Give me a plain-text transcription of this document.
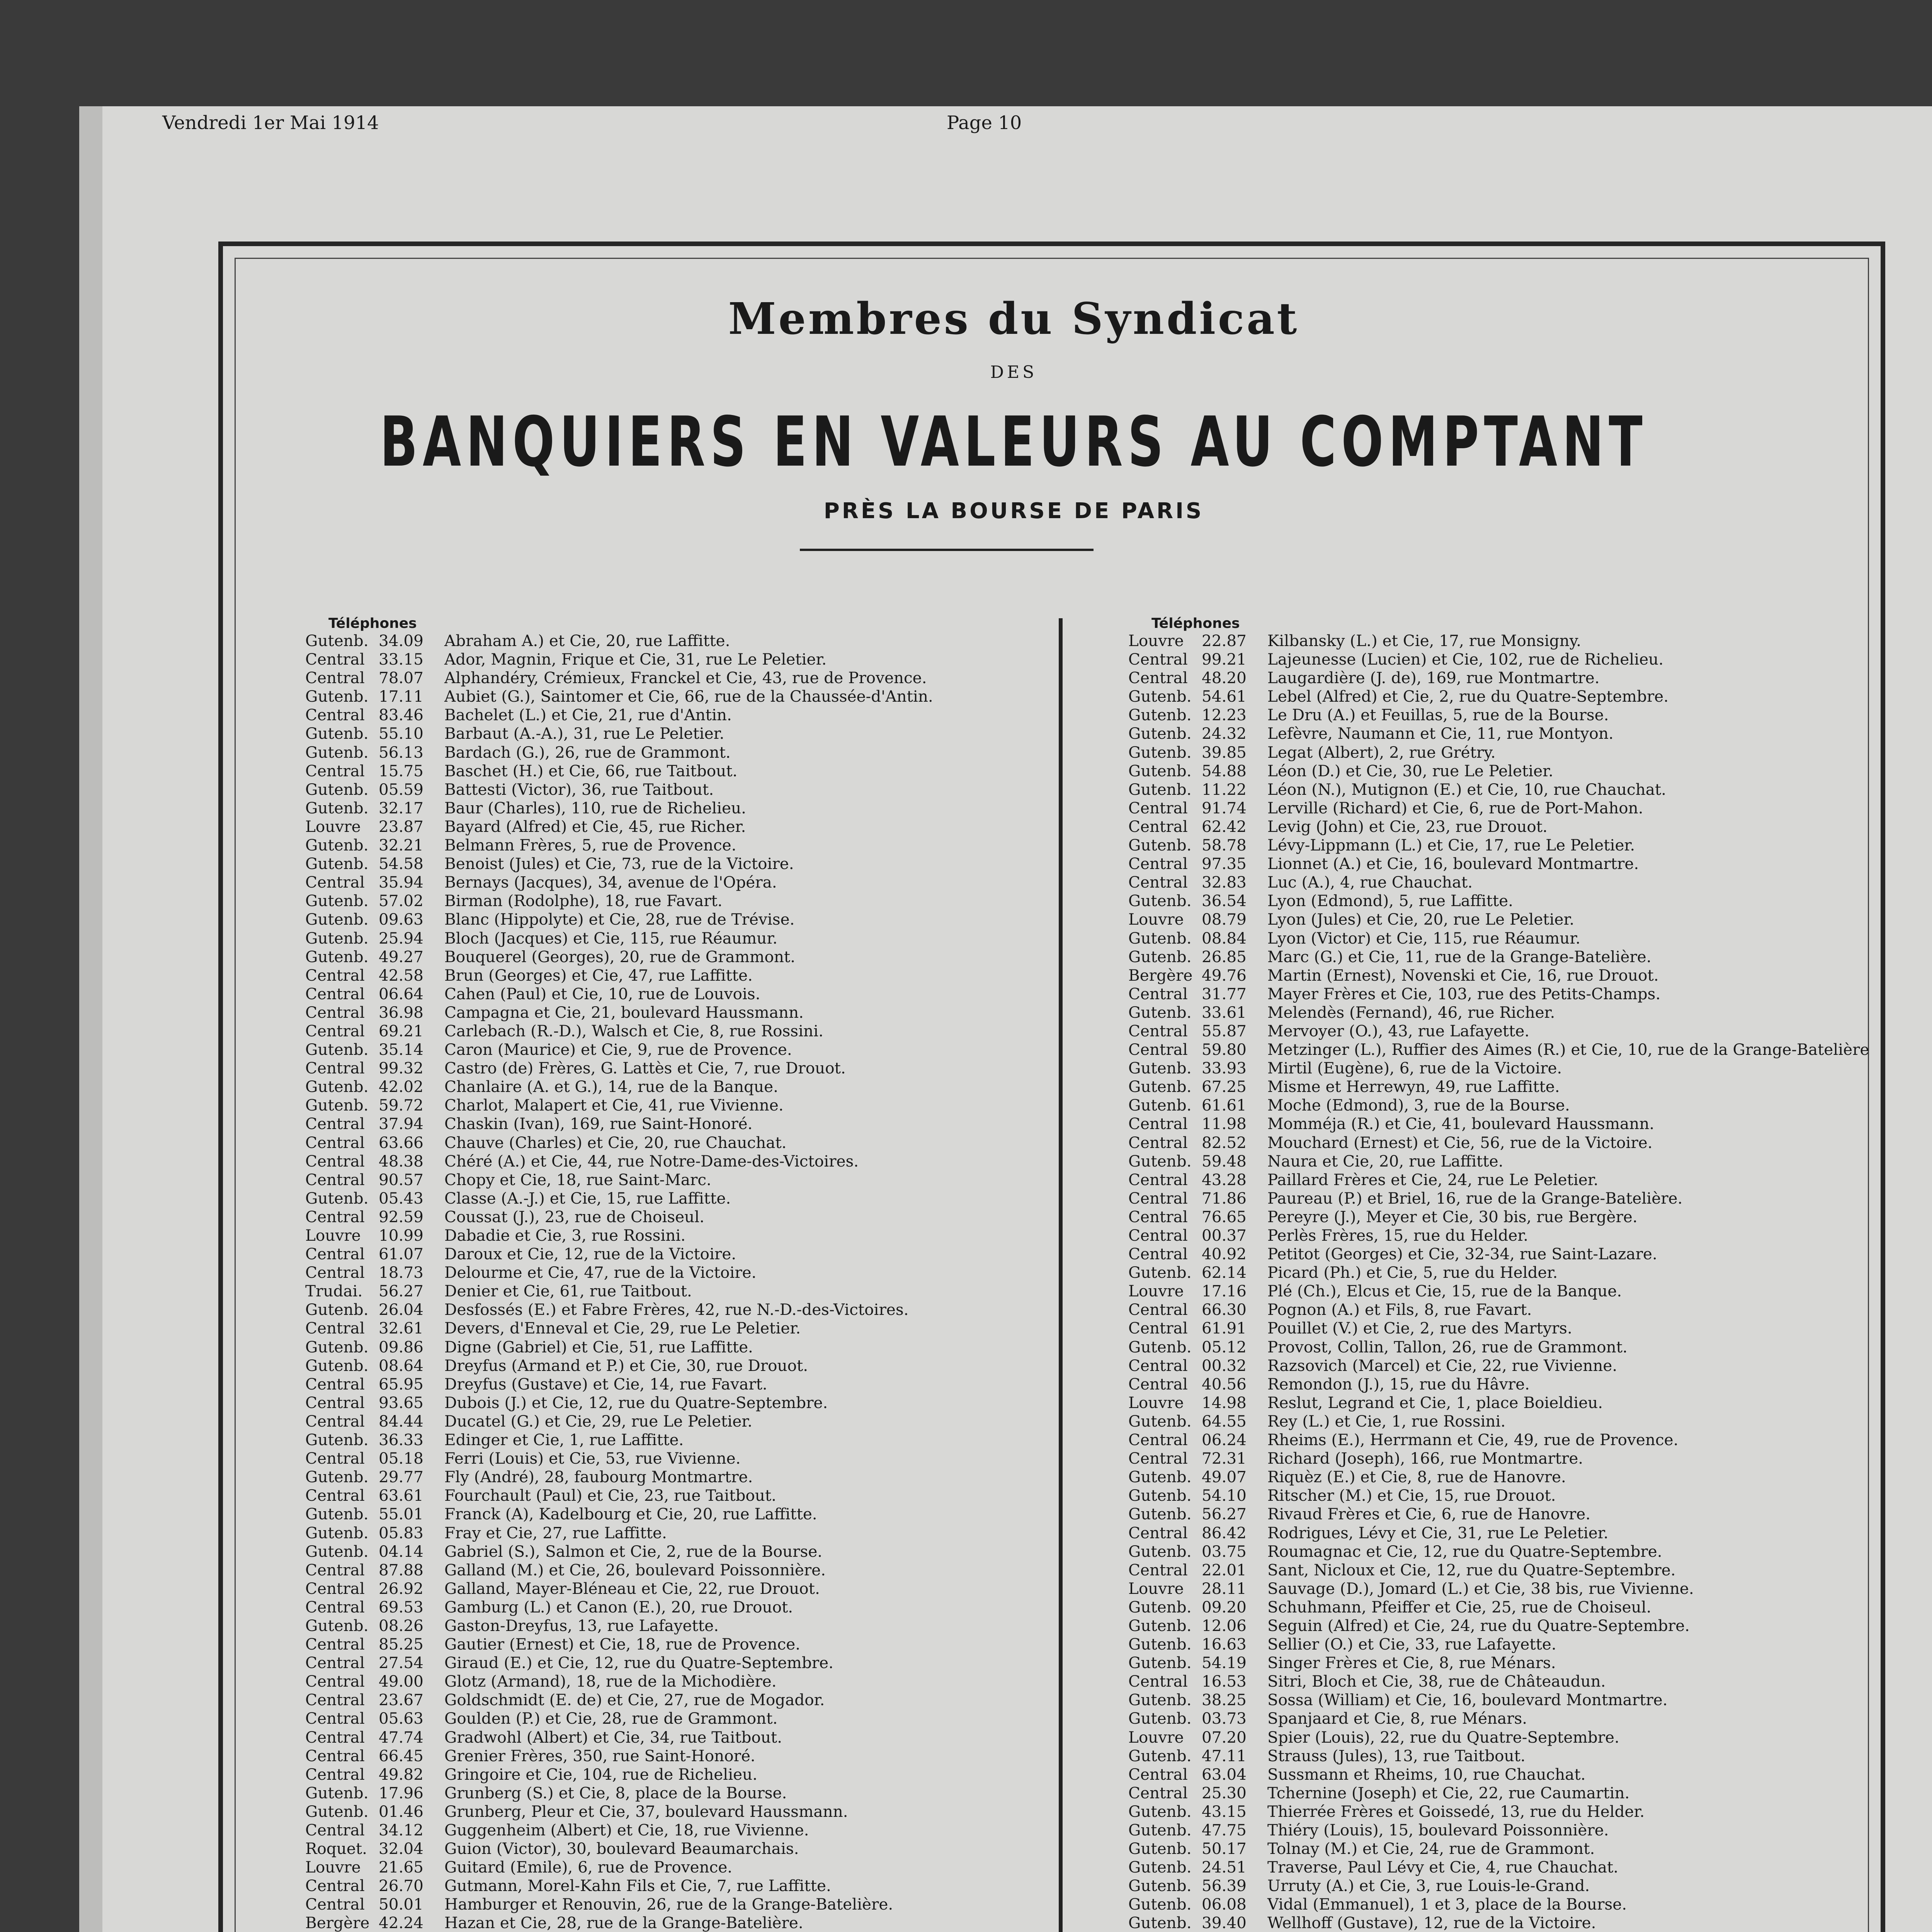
Vendredi 1er Mai 1914	Page 10
Membres du Syndicat
DES
BANQUIERS EN VALEURS AU COMPTANT
PRÈS LA BOURSE DE PARIS
Téléphones
Gutenb. 34.09 Abraham A.) et Cie, 20, rue Laffitte.
Central 33.15 Ador, Magnin, Frique et Cie, 31, rue Le Peletier.
Central 78.07 Alphandéry, Crémieux, Franckel et Cie, 43, rue de Provence.
Gutenb. 17.11 Aubiet (G.), Saintomer et Cie, 66, rue de la Chaussée-d'Antin.
Central 83.46 Bachelet (L.) et Cie, 21, rue d'Antin.
Gutenb. 55.10 Barbaut (A.-A.), 31, rue Le Peletier.
Gutenb. 56.13 Bardach (G.), 26, rue de Grammont.
Central 15.75 Baschet (H.) et Cie, 66, rue Taitbout.
Gutenb. 05.59 Battesti (Victor), 36, rue Taitbout.
Gutenb. 32.17 Baur (Charles), 110, rue de Richelieu.
Louvre 23.87 Bayard (Alfred) et Cie, 45, rue Richer.
Gutenb. 32.21 Belmann Frères, 5, rue de Provence.
Gutenb. 54.58 Benoist (Jules) et Cie, 73, rue de la Victoire.
Central 35.94 Bernays (Jacques), 34, avenue de l'Opéra.
Gutenb. 57.02 Birman (Rodolphe), 18, rue Favart.
Gutenb. 09.63 Blanc (Hippolyte) et Cie, 28, rue de Trévise.
Gutenb. 25.94 Bloch (Jacques) et Cie, 115, rue Réaumur.
Gutenb. 49.27 Bouquerel (Georges), 20, rue de Grammont.
Central 42.58 Brun (Georges) et Cie, 47, rue Laffitte.
Central 06.64 Cahen (Paul) et Cie, 10, rue de Louvois.
Central 36.98 Campagna et Cie, 21, boulevard Haussmann.
Central 69.21 Carlebach (R.-D.), Walsch et Cie, 8, rue Rossini.
Gutenb. 35.14 Caron (Maurice) et Cie, 9, rue de Provence.
Central 99.32 Castro (de) Frères, G. Lattès et Cie, 7, rue Drouot.
Gutenb. 42.02 Chanlaire (A. et G.), 14, rue de la Banque.
Gutenb. 59.72 Charlot, Malapert et Cie, 41, rue Vivienne.
Central 37.94 Chaskin (Ivan), 169, rue Saint-Honoré.
Central 63.66 Chauve (Charles) et Cie, 20, rue Chauchat.
Central 48.38 Chéré (A.) et Cie, 44, rue Notre-Dame-des-Victoires.
Central 90.57 Chopy et Cie, 18, rue Saint-Marc.
Gutenb. 05.43 Classe (A.-J.) et Cie, 15, rue Laffitte.
Central 92.59 Coussat (J.), 23, rue de Choiseul.
Louvre 10.99 Dabadie et Cie, 3, rue Rossini.
Central 61.07 Daroux et Cie, 12, rue de la Victoire.
Central 18.73 Delourme et Cie, 47, rue de la Victoire.
Trudai. 56.27 Denier et Cie, 61, rue Taitbout.
Gutenb. 26.04 Desfossés (E.) et Fabre Frères, 42, rue N.-D.-des-Victoires.
Central 32.61 Devers, d'Enneval et Cie, 29, rue Le Peletier.
Gutenb. 09.86 Digne (Gabriel) et Cie, 51, rue Laffitte.
Gutenb. 08.64 Dreyfus (Armand et P.) et Cie, 30, rue Drouot.
Central 65.95 Dreyfus (Gustave) et Cie, 14, rue Favart.
Central 93.65 Dubois (J.) et Cie, 12, rue du Quatre-Septembre.
Central 84.44 Ducatel (G.) et Cie, 29, rue Le Peletier.
Gutenb. 36.33 Edinger et Cie, 1, rue Laffitte.
Central 05.18 Ferri (Louis) et Cie, 53, rue Vivienne.
Gutenb. 29.77 Fly (André), 28, faubourg Montmartre.
Central 63.61 Fourchault (Paul) et Cie, 23, rue Taitbout.
Gutenb. 55.01 Franck (A), Kadelbourg et Cie, 20, rue Laffitte.
Gutenb. 05.83 Fray et Cie, 27, rue Laffitte.
Gutenb. 04.14 Gabriel (S.), Salmon et Cie, 2, rue de la Bourse.
Central 87.88 Galland (M.) et Cie, 26, boulevard Poissonnière.
Central 26.92 Galland, Mayer-Bléneau et Cie, 22, rue Drouot.
Central 69.53 Gamburg (L.) et Canon (E.), 20, rue Drouot.
Gutenb. 08.26 Gaston-Dreyfus, 13, rue Lafayette.
Central 85.25 Gautier (Ernest) et Cie, 18, rue de Provence.
Central 27.54 Giraud (E.) et Cie, 12, rue du Quatre-Septembre.
Central 49.00 Glotz (Armand), 18, rue de la Michodière.
Central 23.67 Goldschmidt (E. de) et Cie, 27, rue de Mogador.
Central 05.63 Goulden (P.) et Cie, 28, rue de Grammont.
Central 47.74 Gradwohl (Albert) et Cie, 34, rue Taitbout.
Central 66.45 Grenier Frères, 350, rue Saint-Honoré.
Central 49.82 Gringoire et Cie, 104, rue de Richelieu.
Gutenb. 17.96 Grunberg (S.) et Cie, 8, place de la Bourse.
Gutenb. 01.46 Grunberg, Pleur et Cie, 37, boulevard Haussmann.
Central 34.12 Guggenheim (Albert) et Cie, 18, rue Vivienne.
Roquet. 32.04 Guion (Victor), 30, boulevard Beaumarchais.
Louvre 21.65 Guitard (Emile), 6, rue de Provence.
Central 26.70 Gutmann, Morel-Kahn Fils et Cie, 7, rue Laffitte.
Central 50.01 Hamburger et Renouvin, 26, rue de la Grange-Batelière.
Bergère 42.24 Hazan et Cie, 28, rue de la Grange-Batelière.
Téléphones
Louvre 22.87 Kilbansky (L.) et Cie, 17, rue Monsigny.
Central 99.21 Lajeunesse (Lucien) et Cie, 102, rue de Richelieu.
Central 48.20 Laugardière (J. de), 169, rue Montmartre.
Gutenb. 54.61 Lebel (Alfred) et Cie, 2, rue du Quatre-Septembre.
Gutenb. 12.23 Le Dru (A.) et Feuillas, 5, rue de la Bourse.
Gutenb. 24.32 Lefèvre, Naumann et Cie, 11, rue Montyon.
Gutenb. 39.85 Legat (Albert), 2, rue Grétry.
Gutenb. 54.88 Léon (D.) et Cie, 30, rue Le Peletier.
Gutenb. 11.22 Léon (N.), Mutignon (E.) et Cie, 10, rue Chauchat.
Central 91.74 Lerville (Richard) et Cie, 6, rue de Port-Mahon.
Central 62.42 Levig (John) et Cie, 23, rue Drouot.
Gutenb. 58.78 Lévy-Lippmann (L.) et Cie, 17, rue Le Peletier.
Central 97.35 Lionnet (A.) et Cie, 16, boulevard Montmartre.
Central 32.83 Luc (A.), 4, rue Chauchat.
Gutenb. 36.54 Lyon (Edmond), 5, rue Laffitte.
Louvre 08.79 Lyon (Jules) et Cie, 20, rue Le Peletier.
Gutenb. 08.84 Lyon (Victor) et Cie, 115, rue Réaumur.
Gutenb. 26.85 Marc (G.) et Cie, 11, rue de la Grange-Batelière.
Bergère 49.76 Martin (Ernest), Novenski et Cie, 16, rue Drouot.
Central 31.77 Mayer Frères et Cie, 103, rue des Petits-Champs.
Gutenb. 33.61 Melendès (Fernand), 46, rue Richer.
Central 55.87 Mervoyer (O.), 43, rue Lafayette.
Central 59.80 Metzinger (L.), Ruffier des Aimes (R.) et Cie, 10, rue de la Grange-Batelière
Gutenb. 33.93 Mirtil (Eugène), 6, rue de la Victoire.
Gutenb. 67.25 Misme et Herrewyn, 49, rue Laffitte.
Gutenb. 61.61 Moche (Edmond), 3, rue de la Bourse.
Central 11.98 Momméja (R.) et Cie, 41, boulevard Haussmann.
Central 82.52 Mouchard (Ernest) et Cie, 56, rue de la Victoire.
Gutenb. 59.48 Naura et Cie, 20, rue Laffitte.
Central 43.28 Paillard Frères et Cie, 24, rue Le Peletier.
Central 71.86 Paureau (P.) et Briel, 16, rue de la Grange-Batelière.
Central 76.65 Pereyre (J.), Meyer et Cie, 30 bis, rue Bergère.
Central 00.37 Perlès Frères, 15, rue du Helder.
Central 40.92 Petitot (Georges) et Cie, 32-34, rue Saint-Lazare.
Gutenb. 62.14 Picard (Ph.) et Cie, 5, rue du Helder.
Louvre 17.16 Plé (Ch.), Elcus et Cie, 15, rue de la Banque.
Central 66.30 Pognon (A.) et Fils, 8, rue Favart.
Central 61.91 Pouillet (V.) et Cie, 2, rue des Martyrs.
Gutenb. 05.12 Provost, Collin, Tallon, 26, rue de Grammont.
Central 00.32 Razsovich (Marcel) et Cie, 22, rue Vivienne.
Central 40.56 Remondon (J.), 15, rue du Hâvre.
Louvre 14.98 Reslut, Legrand et Cie, 1, place Boieldieu.
Gutenb. 64.55 Rey (L.) et Cie, 1, rue Rossini.
Central 06.24 Rheims (E.), Herrmann et Cie, 49, rue de Provence.
Central 72.31 Richard (Joseph), 166, rue Montmartre.
Gutenb. 49.07 Riquèz (E.) et Cie, 8, rue de Hanovre.
Gutenb. 54.10 Ritscher (M.) et Cie, 15, rue Drouot.
Gutenb. 56.27 Rivaud Frères et Cie, 6, rue de Hanovre.
Central 86.42 Rodrigues, Lévy et Cie, 31, rue Le Peletier.
Gutenb. 03.75 Roumagnac et Cie, 12, rue du Quatre-Septembre.
Central 22.01 Sant, Nicloux et Cie, 12, rue du Quatre-Septembre.
Louvre 28.11 Sauvage (D.), Jomard (L.) et Cie, 38 bis, rue Vivienne.
Gutenb. 09.20 Schuhmann, Pfeiffer et Cie, 25, rue de Choiseul.
Gutenb. 12.06 Seguin (Alfred) et Cie, 24, rue du Quatre-Septembre.
Gutenb. 16.63 Sellier (O.) et Cie, 33, rue Lafayette.
Gutenb. 54.19 Singer Frères et Cie, 8, rue Ménars.
Central 16.53 Sitri, Bloch et Cie, 38, rue de Châteaudun.
Gutenb. 38.25 Sossa (William) et Cie, 16, boulevard Montmartre.
Gutenb. 03.73 Spanjaard et Cie, 8, rue Ménars.
Louvre 07.20 Spier (Louis), 22, rue du Quatre-Septembre.
Gutenb. 47.11 Strauss (Jules), 13, rue Taitbout.
Central 63.04 Sussmann et Rheims, 10, rue Chauchat.
Central 25.30 Tchernine (Joseph) et Cie, 22, rue Caumartin.
Gutenb. 43.15 Thierrée Frères et Goissedé, 13, rue du Helder.
Gutenb. 47.75 Thiéry (Louis), 15, boulevard Poissonnière.
Gutenb. 50.17 Tolnay (M.) et Cie, 24, rue de Grammont.
Gutenb. 24.51 Traverse, Paul Lévy et Cie, 4, rue Chauchat.
Gutenb. 56.39 Urruty (A.) et Cie, 3, rue Louis-le-Grand.
Gutenb. 06.08 Vidal (Emmanuel), 1 et 3, place de la Bourse.
Gutenb. 39.40 Wellhoff (Gustave), 12, rue de la Victoire.
